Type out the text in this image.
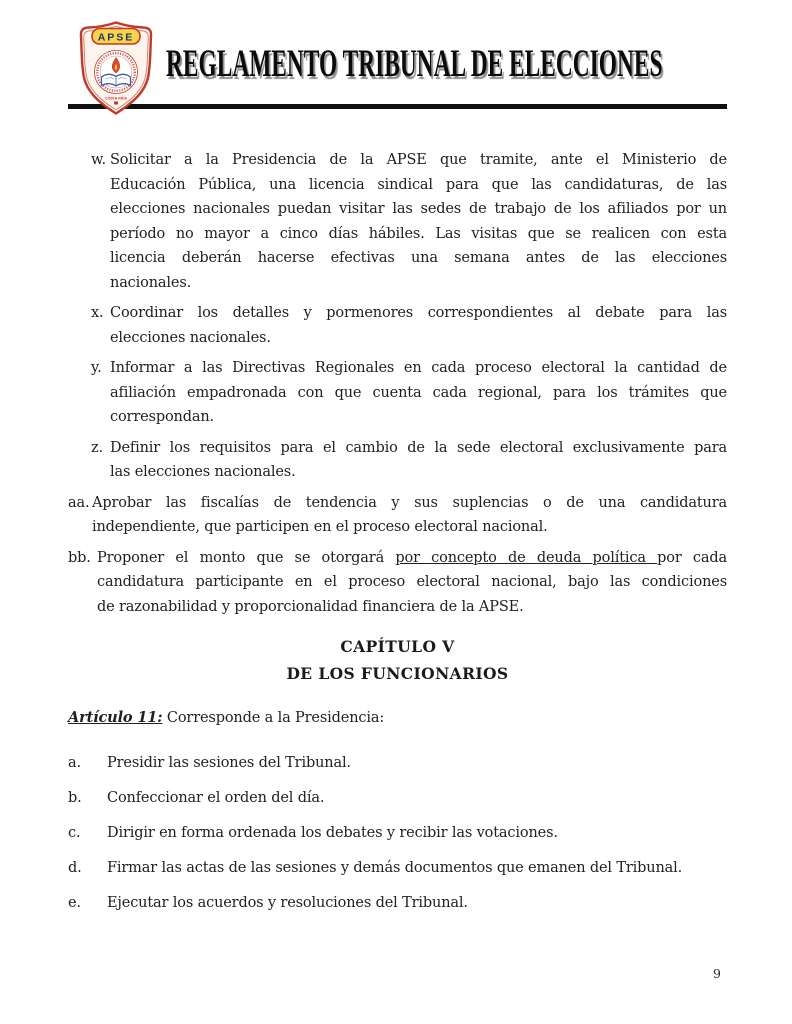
APSE
COSTA RICA
REGLAMENTO TRIBUNAL DE ELECCIONES
w. Solicitar a la Presidencia de la APSE que tramite, ante el Ministerio de
Educación Pública, una licencia sindical para que las candidaturas, de las
elecciones nacionales puedan visitar las sedes de trabajo de los afiliados por un
período no mayor a cinco días hábiles. Las visitas que se realicen con esta
licencia deberán hacerse efectivas una semana antes de las elecciones
nacionales.
x. Coordinar los detalles y pormenores correspondientes al debate para las
elecciones nacionales.
y. Informar a las Directivas Regionales en cada proceso electoral la cantidad de
afiliación empadronada con que cuenta cada regional, para los trámites que
correspondan.
z. Definir los requisitos para el cambio de la sede electoral exclusivamente para
las elecciones nacionales.
aa. Aprobar las fiscalías de tendencia y sus suplencias o de una candidatura
independiente, que participen en el proceso electoral nacional.
bb. Proponer el monto que se otorgará por concepto de deuda política por cada
candidatura participante en el proceso electoral nacional, bajo las condiciones
de razonabilidad y proporcionalidad financiera de la APSE.
CAPÍTULO V
DE LOS FUNCIONARIOS

Artículo 11: Corresponde a la Presidencia:

a.	Presidir las sesiones del Tribunal.
b.	Confeccionar el orden del día.
c.	Dirigir en forma ordenada los debates y recibir las votaciones.
d.	Firmar las actas de las sesiones y demás documentos que emanen del Tribunal.
e.	Ejecutar los acuerdos y resoluciones del Tribunal.
9
